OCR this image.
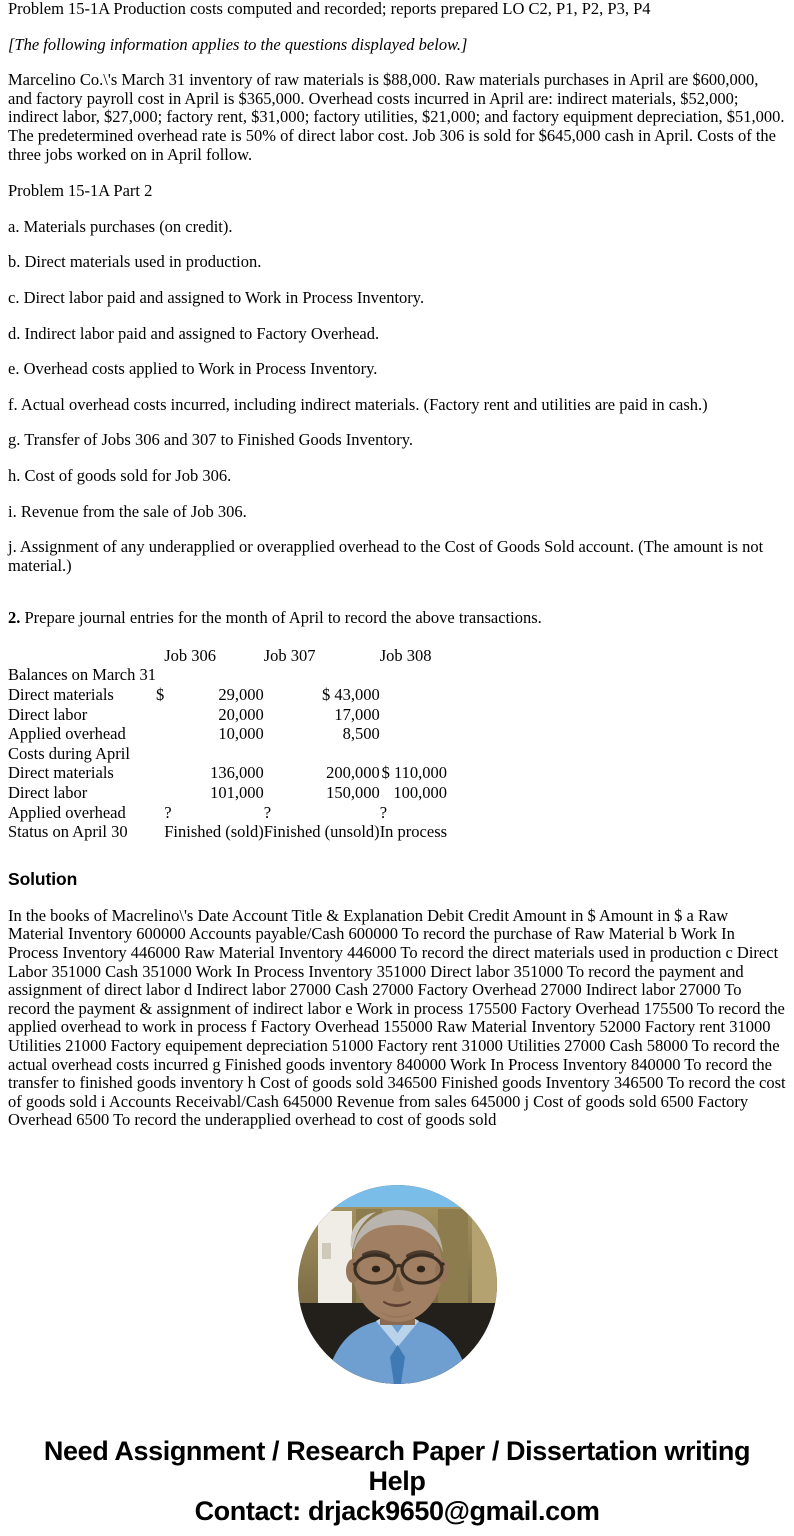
Problem 15-1A Production costs computed and recorded; reports prepared LO C2, P1, P2, P3, P4

[The following information applies to the questions displayed below.]

Marcelino Co.\'s March 31 inventory of raw materials is $88,000. Raw materials purchases in April are $600,000, and factory payroll cost in April is $365,000. Overhead costs incurred in April are: indirect materials, $52,000; indirect labor, $27,000; factory rent, $31,000; factory utilities, $21,000; and factory equipment depreciation, $51,000. The predetermined overhead rate is 50% of direct labor cost. Job 306 is sold for $645,000 cash in April. Costs of the three jobs worked on in April follow.

Problem 15-1A Part 2

a. Materials purchases (on credit).

b. Direct materials used in production.

c. Direct labor paid and assigned to Work in Process Inventory.

d. Indirect labor paid and assigned to Factory Overhead.

e. Overhead costs applied to Work in Process Inventory.

f. Actual overhead costs incurred, including indirect materials. (Factory rent and utilities are paid in cash.)

g. Transfer of Jobs 306 and 307 to Finished Goods Inventory.

h. Cost of goods sold for Job 306.

i. Revenue from the sale of Job 306.

j. Assignment of any underapplied or overapplied overhead to the Cost of Goods Sold account. (The amount is not material.)

2. Prepare journal entries for the month of April to record the above transactions.

		Job 306	Job 307	Job 308
Balances on March 31				
Direct materials	$	29,000	$ 43,000	
Direct labor		20,000	17,000	
Applied overhead		10,000	8,500	
Costs during April				
Direct materials		136,000	200,000	$ 110,000
Direct labor		101,000	150,000	100,000
Applied overhead		?	?	?
Status on April 30		Finished (sold)	Finished (unsold)	In process
Solution

In the books of Macrelino\'s Date Account Title & Explanation Debit Credit Amount in $ Amount in $ a Raw Material Inventory 600000 Accounts payable/Cash 600000 To record the purchase of Raw Material b Work In Process Inventory 446000 Raw Material Inventory 446000 To record the direct materials used in production c Direct Labor 351000 Cash 351000 Work In Process Inventory 351000 Direct labor 351000 To record the payment and assignment of direct labor d Indirect labor 27000 Cash 27000 Factory Overhead 27000 Indirect labor 27000 To record the payment & assignment of indirect labor e Work in process 175500 Factory Overhead 175500 To record the applied overhead to work in process f Factory Overhead 155000 Raw Material Inventory 52000 Factory rent 31000 Utilities 21000 Factory equipement depreciation 51000 Factory rent 31000 Utilities 27000 Cash 58000 To record the actual overhead costs incurred g Finished goods inventory 840000 Work In Process Inventory 840000 To record the transfer to finished goods inventory h Cost of goods sold 346500 Finished goods Inventory 346500 To record the cost of goods sold i Accounts Receivabl/Cash 645000 Revenue from sales 645000 j Cost of goods sold 6500 Factory Overhead 6500 To record the underapplied overhead to cost of goods sold

Need Assignment / Research Paper / Dissertation writing Help
Contact: drjack9650@gmail.com
